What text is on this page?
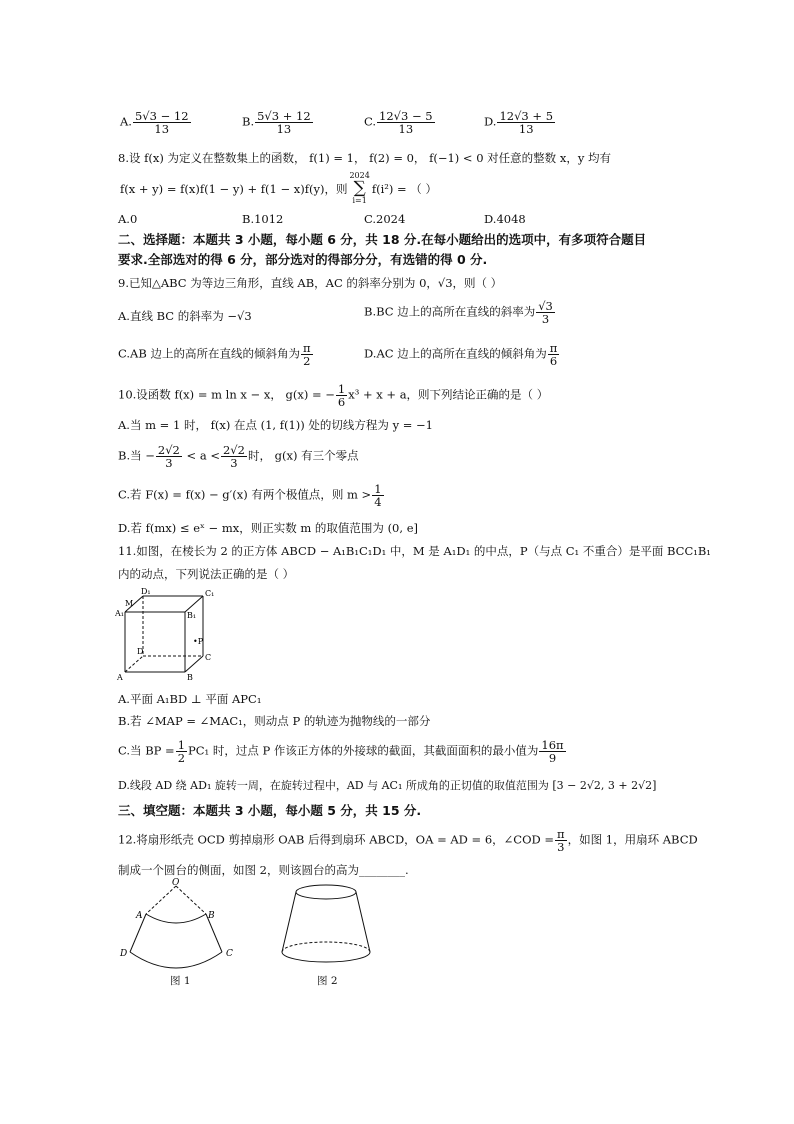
A. $\frac{5√3 - 12}{13}$	B. $\frac{5√3 + 12}{13}$	C. $\frac{12√3 - 5}{13}$	D. $\frac{12√3 + 5}{13}$
8.设 f(x) 为定义在整数集上的函数， f(1) = 1， f(2) = 0， f(−1) < 0 对任意的整数 x，y 均有
f(x + y) = f(x)f(1 − y) + f(1 − x)f(y)，则
2024
∑
i=1
f(i²) = （ ）
A.0	B.1012	C.2024	D.4048
二、选择题：本题共 3 小题，每小题 6 分，共 18 分.在每小题给出的选项中，有多项符合题目
要求.全部选对的得 6 分，部分选对的得部分分，有选错的得 0 分.
9.已知△ABC 为等边三角形，直线 AB，AC 的斜率分别为 0，√3，则（ ）
A.直线 BC 的斜率为 −√3	B.BC 边上的高所在直线的斜率为 $\frac{√3}{3}$
C.AB 边上的高所在直线的倾斜角为 $\frac{\pi}{2}$	D.AC 边上的高所在直线的倾斜角为 $\frac{\pi}{6}$
10.设函数 f(x) = m ln x − x， g(x) = − $\frac{1}{6} x^3 + x + a$，则下列结论正确的是（ ）
A.当 m = 1 时， f(x) 在点 (1, f(1)) 处的切线方程为 y = −1
B.当 − $\frac{2√2}{3} < a < \frac{2√2}{3}$ 时， g(x) 有三个零点
C.若 F(x) = f(x) − g′(x) 有两个极值点，则 $m > \frac{1}{4}$
D.若 f(mx) ≤ eˣ − mx，则正实数 m 的取值范围为 (0, e]
11.如图，在棱长为 2 的正方体 ABCD − A₁B₁C₁D₁ 中，M 是 A₁D₁ 的中点，P（与点 C₁ 不重合）是平面 BCC₁B₁
内的动点，下列说法正确的是（ ）
D₁	C₁
M
A₁	B₁
•P
D
C
A	B
A.平面 A₁BD ⊥ 平面 APC₁
B.若 ∠MAP = ∠MAC₁，则动点 P 的轨迹为抛物线的一部分
C.当 BP = $\frac{1}{2} PC_1$ 时，过点 P 作该正方体的外接球的截面，其截面面积的最小值为 $\frac{16\pi}{9}$
D.线段 AD 绕 AD₁ 旋转一周，在旋转过程中，AD 与 AC₁ 所成角的正切值的取值范围为 [3 − 2√2, 3 + 2√2]
三、填空题：本题共 3 小题，每小题 5 分，共 15 分.
12.将扇形纸壳 OCD 剪掉扇形 OAB 后得到扇环 ABCD，OA = AD = 6，∠COD = $\frac{\pi}{3}$ ，如图 1，用扇环 ABCD
制成一个圆台的侧面，如图 2，则该圆台的高为________.
O
A	B
D	C
图 1	图 2
